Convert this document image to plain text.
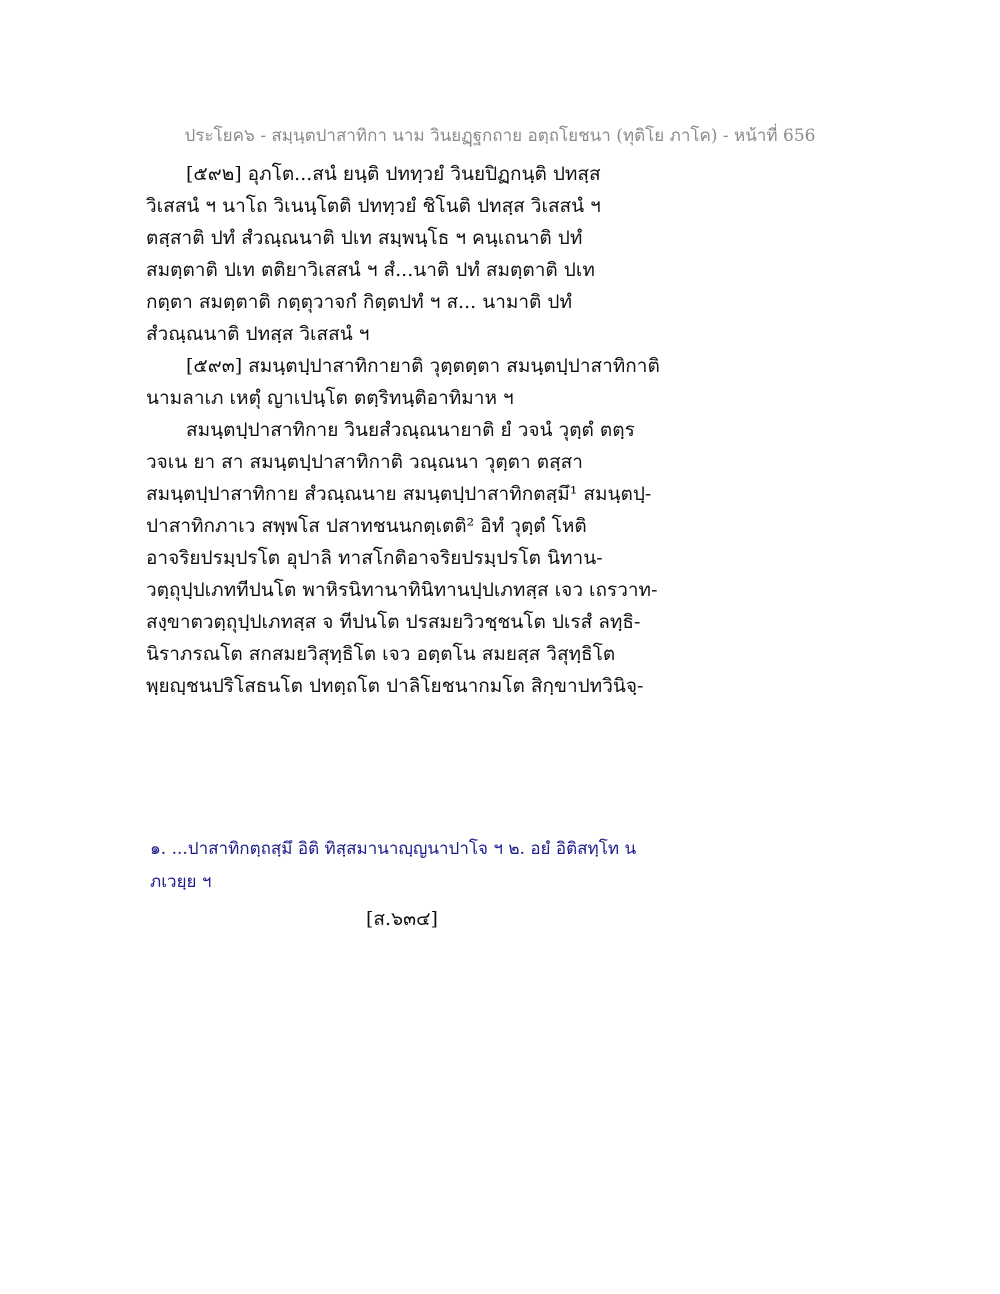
ประโยค๖ - สมฺนฺตปาสาทิกา นาม วินยฏฺฐกถาย อตฺถโยชนา (ทุติโย ภาโค) - หน้าที่ 656
[๕๙๒] อุภโต...สนํ ยนฺติ ปททฺวยํ วินยปิฏกนฺติ ปทสฺส
วิเสสนํ ฯ นาโถ วิเนนฺโตติ ปททฺวยํ ชิโนติ ปทสฺส วิเสสนํ ฯ
ตสฺสาติ ปทํ สํวณฺณนาติ ปเท สมฺพนฺโธ ฯ คนฺเถนาติ ปทํ
สมตฺตาติ ปเท ตติยาวิเสสนํ ฯ สํ...นาติ ปทํ สมตฺตาติ ปเท
กตฺตา สมตฺตาติ กตฺตุวาจกํ กิตฺตปทํ ฯ ส... นามาติ ปทํ
สํวณฺณนาติ ปทสฺส วิเสสนํ ฯ
[๕๙๓] สมนฺตปฺปาสาทิกายาติ วุตฺตตฺตา สมนฺตปฺปาสาทิกาติ
นามลาเภ เหตุํ ญาเปนฺโต ตตฺริทนฺติอาทิมาห ฯ
สมนฺตปฺปาสาทิกาย วินยสํวณฺณนายาติ ยํ วจนํ วุตฺตํ ตตฺร
วจเน ยา สา สมนฺตปฺปาสาทิกาติ วณฺณนา วุตฺตา ตสฺสา
สมนฺตปฺปาสาทิกาย สํวณฺณนาย สมนฺตปฺปาสาทิกตสฺมึ¹ สมนฺตปฺ-
ปาสาทิกภาเว สพฺพโส ปสาทชนนกตฺเตติ² อิทํ วุตฺตํ โหติ
อาจริยปรมฺปรโต อุปาลิ ทาสโกติอาจริยปรมฺปรโต นิทาน-
วตฺถุปฺปเภททีปนโต พาหิรนิทานาทินิทานปฺปเภทสฺส เจว เถรวาท-
สงฺขาตวตฺถุปฺปเภทสฺส จ ทีปนโต ปรสมยวิวชฺชนโต ปเรสํ ลทฺธิ-
นิราภรณโต สกสมยวิสุทฺธิโต เจว อตฺตโน สมยสฺส วิสุทฺธิโต
พฺยญฺชนปริโสธนโต ปทตฺถโต ปาลิโยชนากมโต สิกฺขาปทวินิจฺ-
๑. ...ปาสาทิกตฺถสฺมึ อิติ ทิสฺสมานาญฺญนาปาโจ ฯ ๒. อยํ อิติสทฺโท น
ภเวยฺย ฯ
[ส.๖๓๔]
